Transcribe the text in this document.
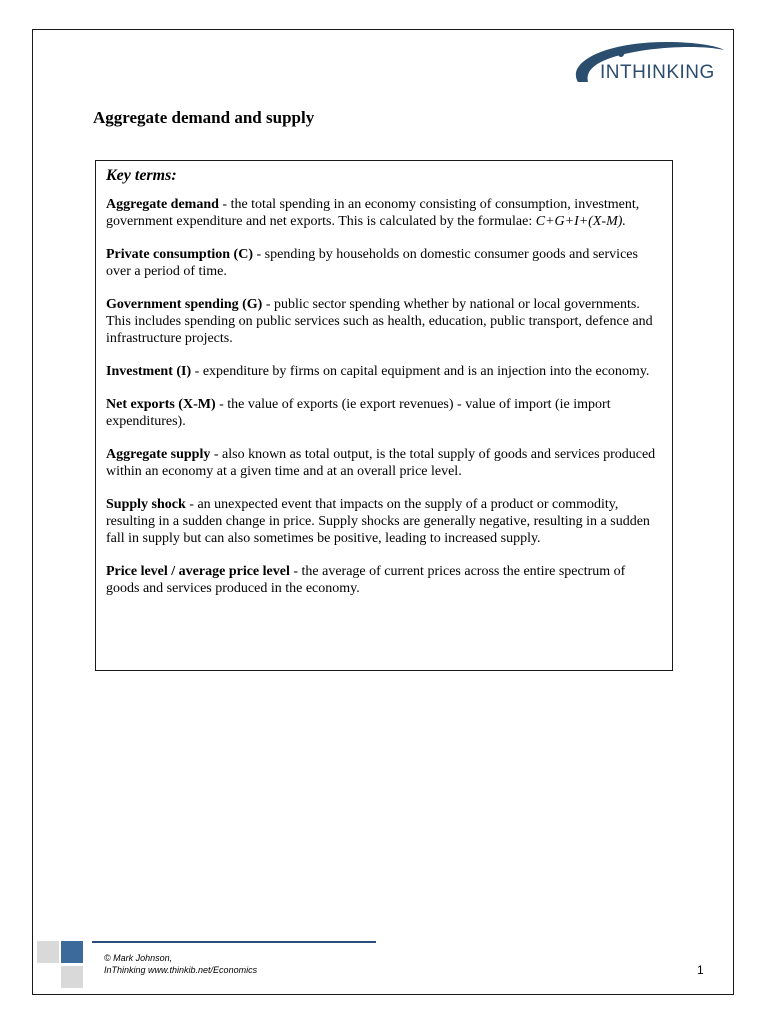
INTHINKING
Aggregate demand and supply
Key terms:
Aggregate demand - the total spending in an economy consisting of consumption, investment, government expenditure and net exports. This is calculated by the formulae: C+G+I+(X-M).
Private consumption (C) - spending by households on domestic consumer goods and services over a period of time.
Government spending (G) - public sector spending whether by national or local governments. This includes spending on public services such as health, education, public transport, defence and infrastructure projects.
Investment (I) - expenditure by firms on capital equipment and is an injection into the economy.
Net exports (X-M) - the value of exports (ie export revenues) - value of import (ie import expenditures).
Aggregate supply - also known as total output, is the total supply of goods and services produced within an economy at a given time and at an overall price level.
Supply shock - an unexpected event that impacts on the supply of a product or commodity, resulting in a sudden change in price. Supply shocks are generally negative, resulting in a sudden fall in supply but can also sometimes be positive, leading to increased supply.
Price level / average price level - the average of current prices across the entire spectrum of goods and services produced in the economy.
© Mark Johnson,
InThinking www.thinkib.net/Economics	1
